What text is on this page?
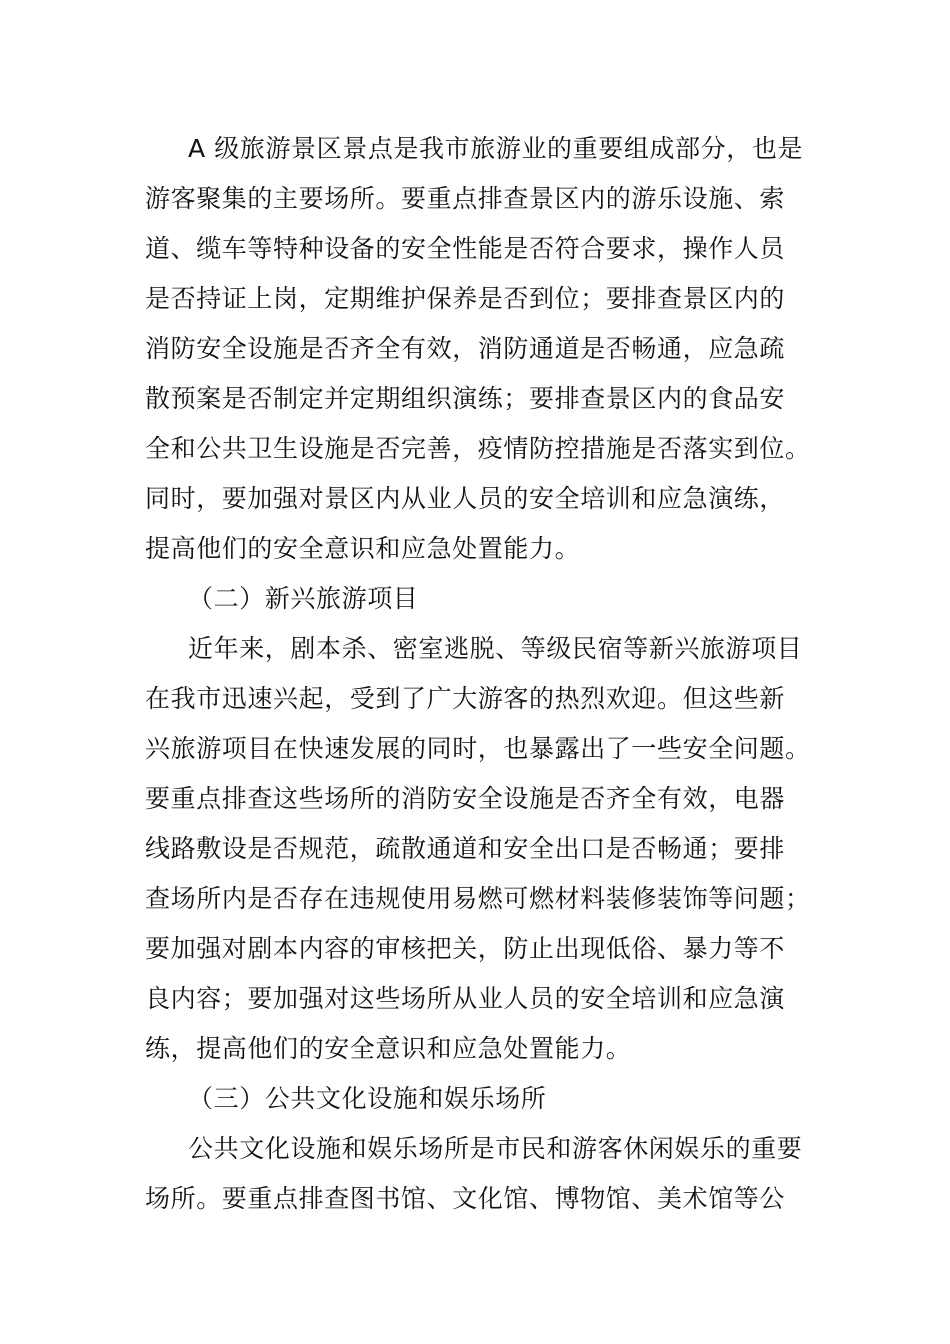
A 级旅游景区景点是我市旅游业的重要组成部分，也是
游客聚集的主要场所。要重点排查景区内的游乐设施、索
道、缆车等特种设备的安全性能是否符合要求，操作人员
是否持证上岗，定期维护保养是否到位；要排查景区内的
消防安全设施是否齐全有效，消防通道是否畅通，应急疏
散预案是否制定并定期组织演练；要排查景区内的食品安
全和公共卫生设施是否完善，疫情防控措施是否落实到位。
同时，要加强对景区内从业人员的安全培训和应急演练，
提高他们的安全意识和应急处置能力。
（二）新兴旅游项目
近年来，剧本杀、密室逃脱、等级民宿等新兴旅游项目
在我市迅速兴起，受到了广大游客的热烈欢迎。但这些新
兴旅游项目在快速发展的同时，也暴露出了一些安全问题。
要重点排查这些场所的消防安全设施是否齐全有效，电器
线路敷设是否规范，疏散通道和安全出口是否畅通；要排
查场所内是否存在违规使用易燃可燃材料装修装饰等问题；
要加强对剧本内容的审核把关，防止出现低俗、暴力等不
良内容；要加强对这些场所从业人员的安全培训和应急演
练，提高他们的安全意识和应急处置能力。
（三）公共文化设施和娱乐场所
公共文化设施和娱乐场所是市民和游客休闲娱乐的重要
场所。要重点排查图书馆、文化馆、博物馆、美术馆等公
